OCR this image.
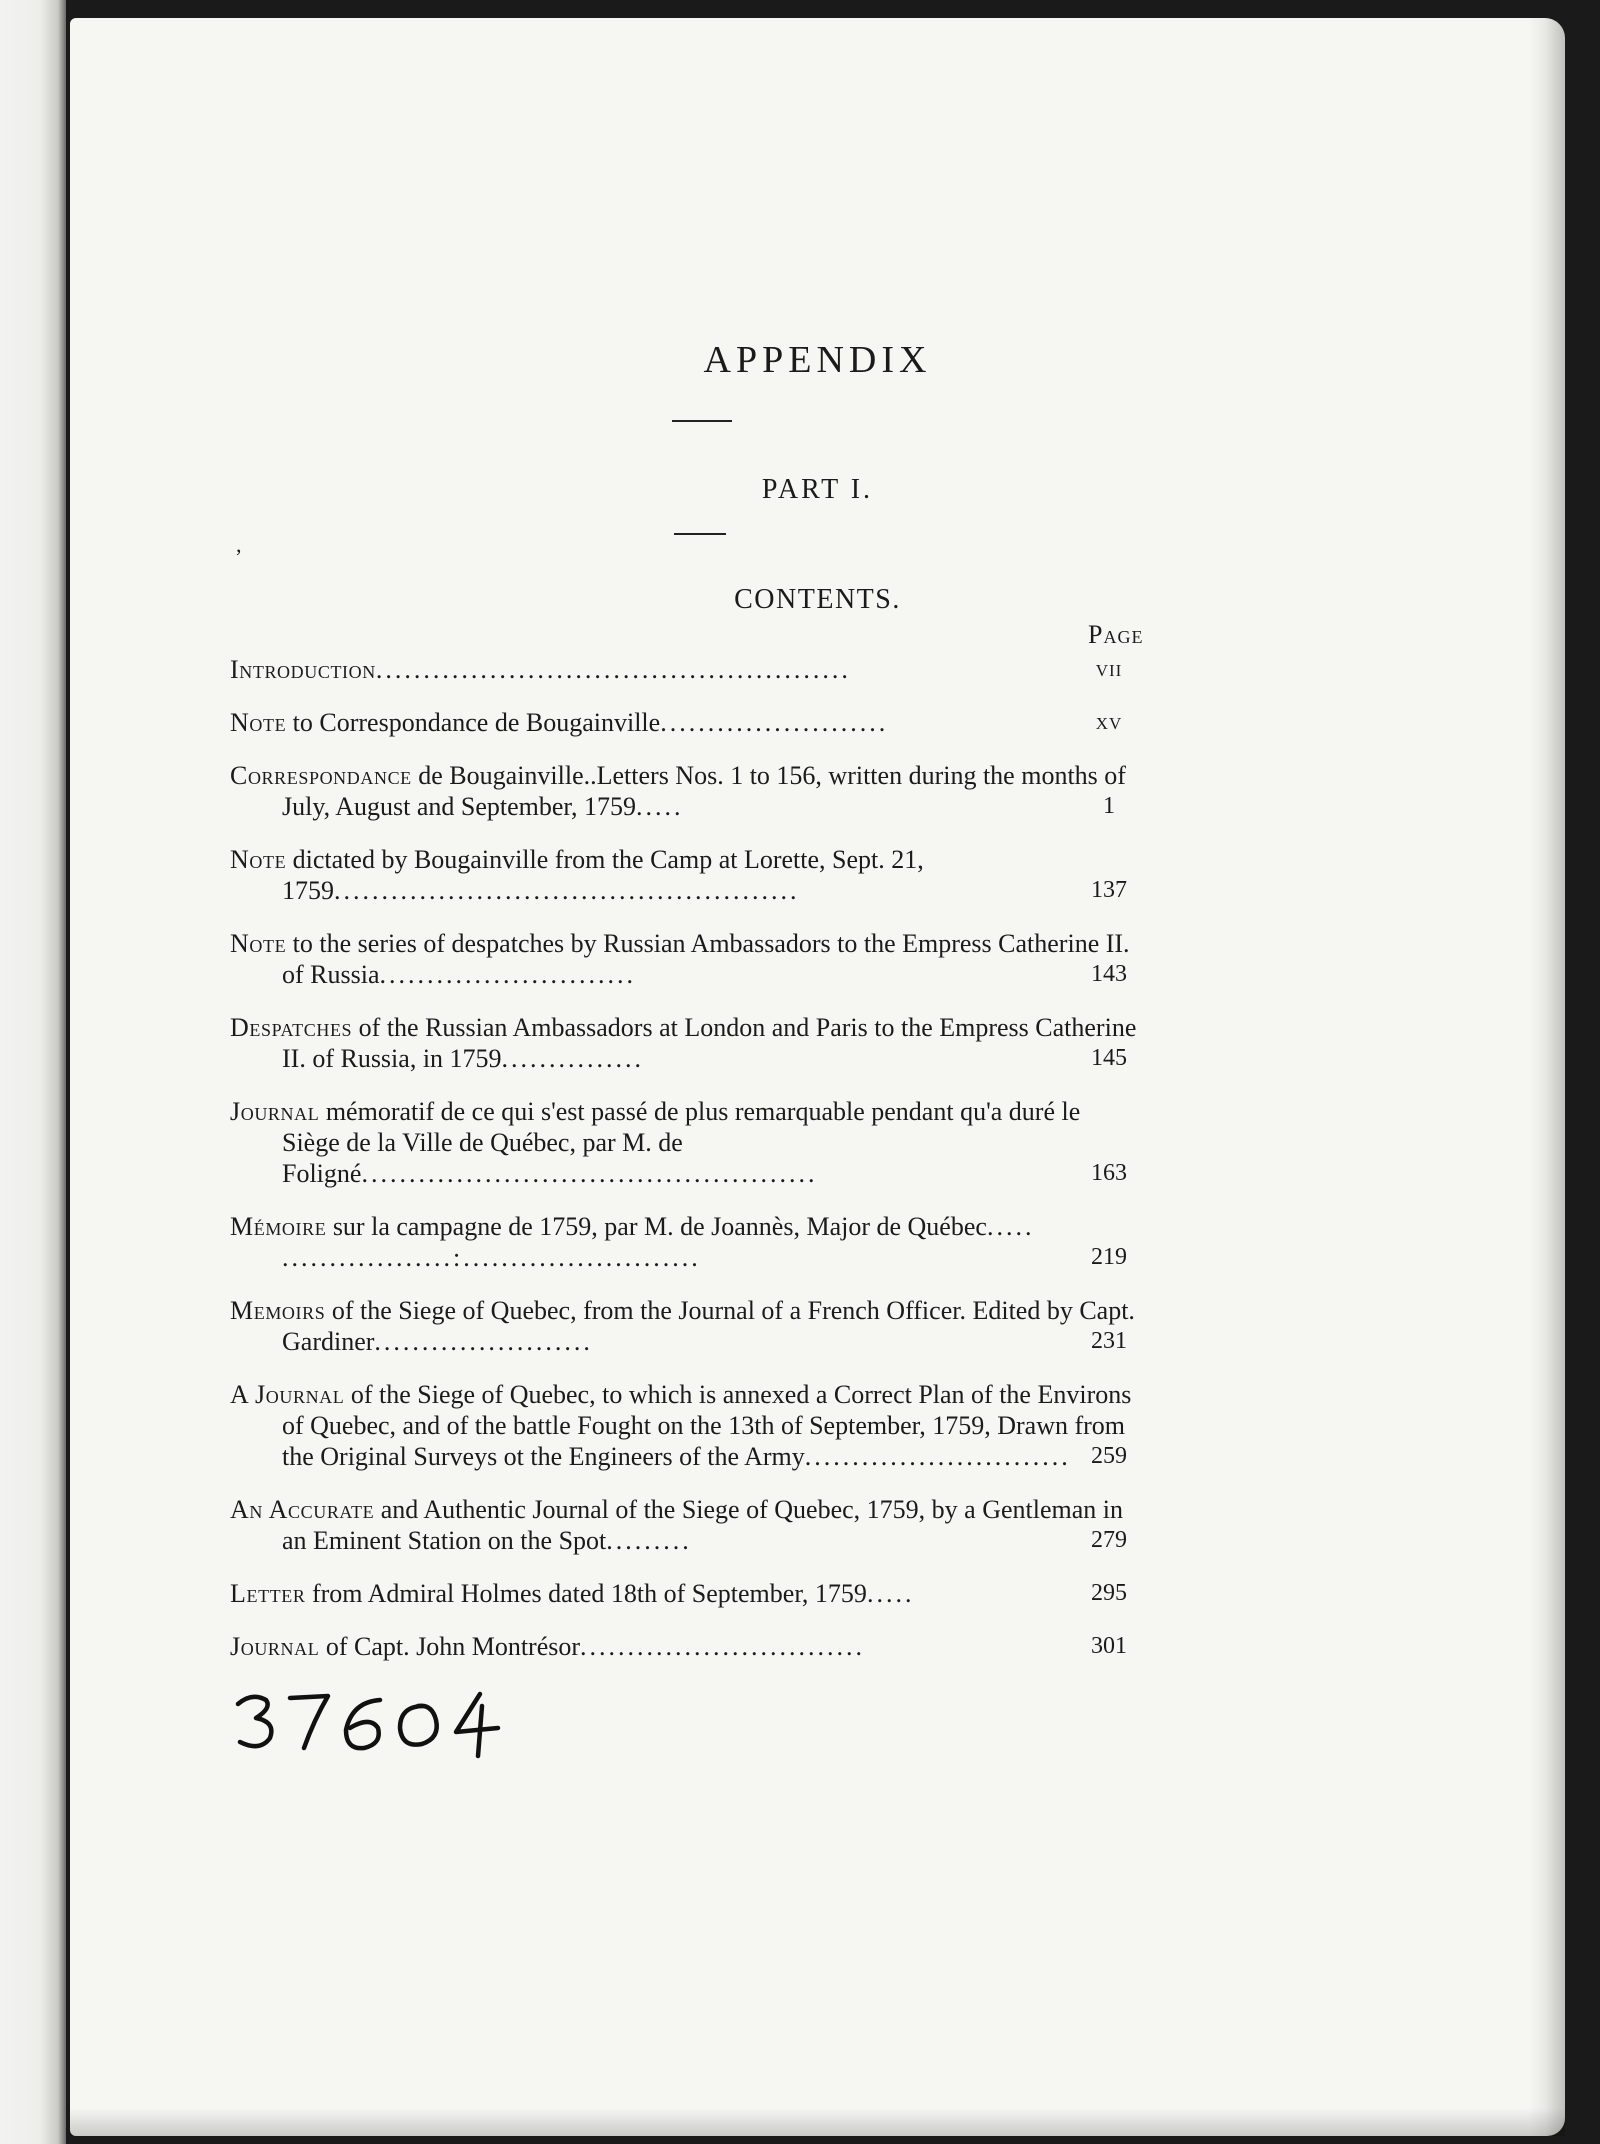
APPENDIX
PART I.
,
CONTENTS.
Page
Introduction..................................................	vii
Note to Correspondance de Bougainville........................	xv
Correspondance de Bougainville..Letters Nos. 1 to 156, written during the months of July, August and September, 1759.....	1
Note dictated by Bougainville from the Camp at Lorette, Sept. 21, 1759.................................................	137
Note to the series of despatches by Russian Ambassadors to the Empress Catherine II. of Russia...........................	143
Despatches of the Russian Ambassadors at London and Paris to the Empress Catherine II. of Russia, in 1759...............	145
Journal mémoratif de ce qui s'est passé de plus remarquable pendant qu'a duré le Siège de la Ville de Québec, par M. de Foligné................................................	163
Mémoire sur la campagne de 1759, par M. de Joannès, Major de Québec..... ..................:.........................	219
Memoirs of the Siege of Quebec, from the Journal of a French Officer. Edited by Capt. Gardiner.......................	231
A Journal of the Siege of Quebec, to which is annexed a Correct Plan of the Environs of Quebec, and of the battle Fought on the 13th of September, 1759, Drawn from the Original Surveys ot the Engineers of the Army............................ 259
An Accurate and Authentic Journal of the Siege of Quebec, 1759, by a Gentleman in an Eminent Station on the Spot.........	279
Letter from Admiral Holmes dated 18th of September, 1759.....	295
Journal of Capt. John Montrésor..............................	301
